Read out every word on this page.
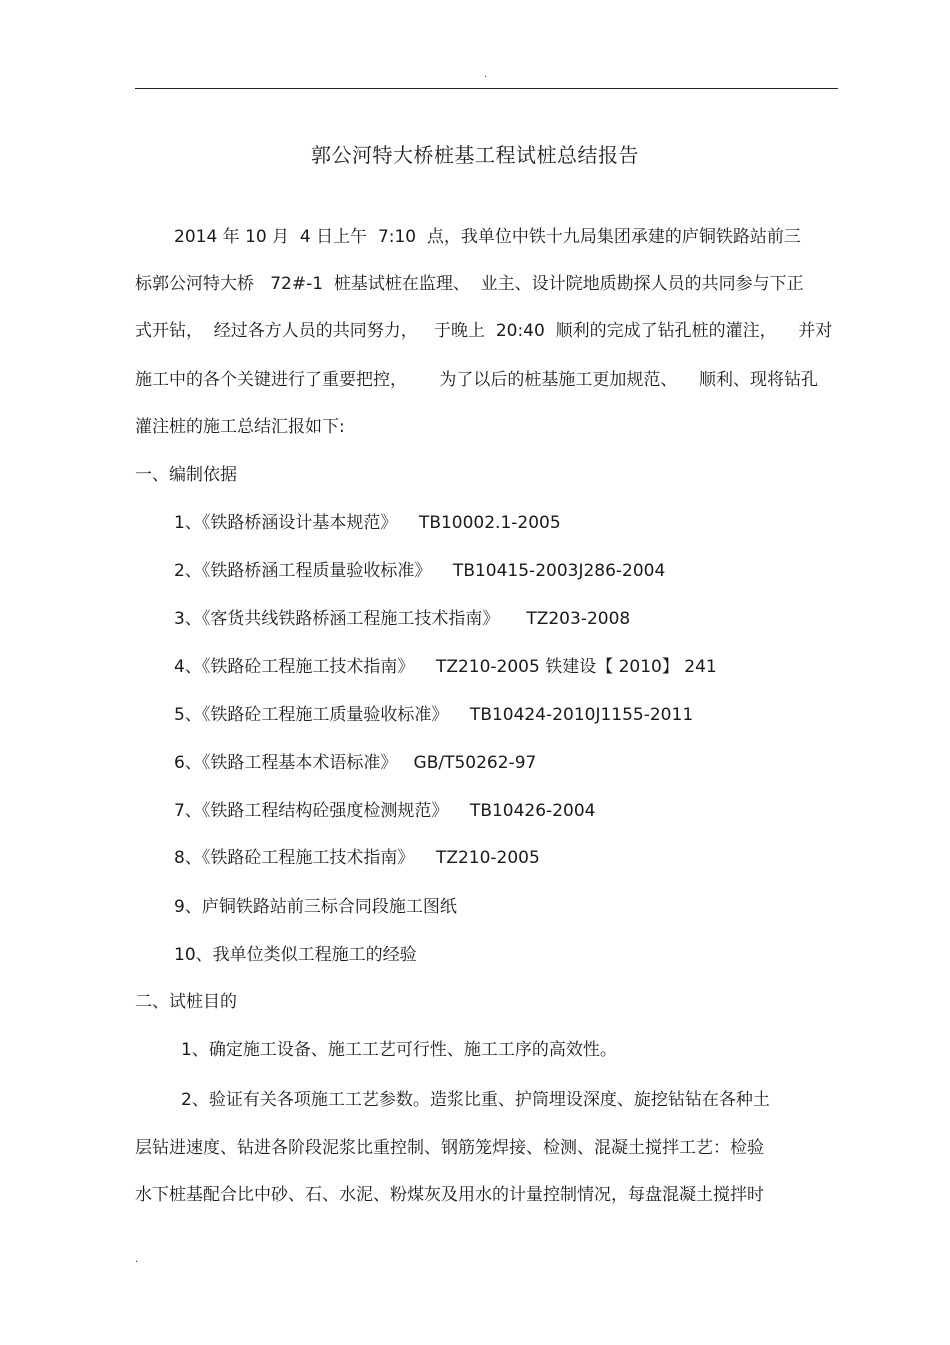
.
郭公河特大桥桩基工程试桩总结报告
2014 年 10 月  4 日上午  7:10  点，我单位中铁十九局集团承建的庐铜铁路站前三
标郭公河特大桥   72#-1  桩基试桩在监理、  业主、设计院地质勘探人员的共同参与下正
式开钻，  经过各方人员的共同努力，   于晚上  20:40  顺利的完成了钻孔桩的灌注，    并对
施工中的各个关键进行了重要把控，      为了以后的桩基施工更加规范、    顺利、现将钻孔
灌注桩的施工总结汇报如下:
一、编制依据
1、《铁路桥涵设计基本规范》    TB10002.1-2005
2、《铁路桥涵工程质量验收标准》    TB10415-2003J286-2004
3、《客货共线铁路桥涵工程施工技术指南》     TZ203-2008
4、《铁路砼工程施工技术指南》    TZ210-2005 铁建设【 2010】 241
5、《铁路砼工程施工质量验收标准》    TB10424-2010J1155-2011
6、《铁路工程基本术语标准》   GB/T50262-97
7、《铁路工程结构砼强度检测规范》    TB10426-2004
8、《铁路砼工程施工技术指南》    TZ210-2005
9、庐铜铁路站前三标合同段施工图纸
10、我单位类似工程施工的经验
二、试桩目的
1、确定施工设备、施工工艺可行性、施工工序的高效性。
2、验证有关各项施工工艺参数。造浆比重、护筒埋设深度、旋挖钻钻在各种土
层钻进速度、钻进各阶段泥浆比重控制、钢筋笼焊接、检测、混凝土搅拌工艺：检验
水下桩基配合比中砂、石、水泥、粉煤灰及用水的计量控制情况，每盘混凝土搅拌时
.
